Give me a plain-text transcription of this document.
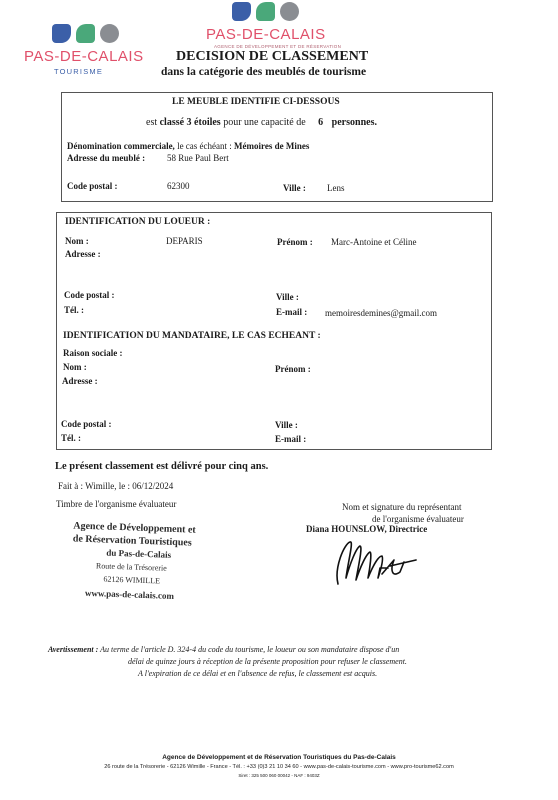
PAS-DE-CALAIS
TOURISME
PAS-DE-CALAIS
AGENCE DE DÉVELOPPEMENT ET DE RÉSERVATION
DECISION DE CLASSEMENT
dans la catégorie des meublés de tourisme
LE MEUBLE IDENTIFIE CI-DESSOUS
est classé 3 étoiles pour une capacité de 6 personnes.
Dénomination commerciale, le cas échéant : Mémoires de Mines
Adresse du meublé : 58 Rue Paul Bert
Code postal :	62300	Ville : Lens
IDENTIFICATION DU LOUEUR :
Nom :	DEPARIS	Prénom : Marc-Antoine et Céline
Adresse :
Code postal :	Ville :
Tél. :	E-mail : memoiresdemines@gmail.com
IDENTIFICATION DU MANDATAIRE, LE CAS ECHEANT :
Raison sociale :
Nom :	Prénom :
Adresse :
Code postal :	Ville :
Tél. :	E-mail :
Le présent classement est délivré pour cinq ans.
Fait à : Wimille, le : 06/12/2024
Timbre de l'organisme évaluateur
Agence de Développement et
de Réservation Touristiques
du Pas-de-Calais
Route de la Trésorerie
62126 WIMILLE
www.pas-de-calais.com
Nom et signature du représentant
de l'organisme évaluateur
Diana HOUNSLOW, Directrice
Avertissement : Au terme de l'article D. 324-4 du code du tourisme, le loueur ou son mandataire dispose d'un
délai de quinze jours à réception de la présente proposition pour refuser le classement.
A l'expiration de ce délai et en l'absence de refus, le classement est acquis.
Agence de Développement et de Réservation Touristiques du Pas-de-Calais
26 route de la Trésorerie - 62126 Wimille - France - Tél. : +33 (0)3 21 10 34 60 - www.pas-de-calais-tourisme.com - www.pro-tourisme62.com
Siret : 325 500 060 00042 - NAF : 9403Z
